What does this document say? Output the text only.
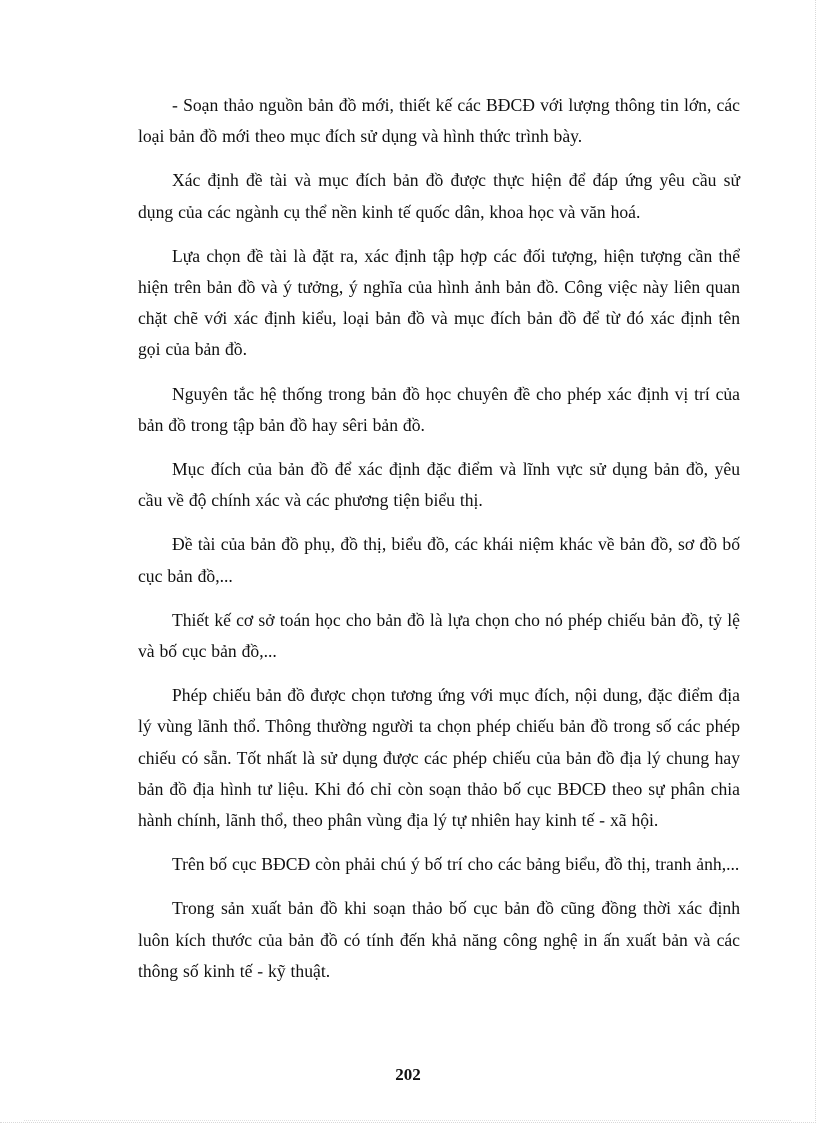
- Soạn thảo nguồn bản đồ mới, thiết kế các BĐCĐ với lượng thông tin lớn, các loại bản đồ mới theo mục đích sử dụng và hình thức trình bày.

Xác định đề tài và mục đích bản đồ được thực hiện để đáp ứng yêu cầu sử dụng của các ngành cụ thể nền kinh tế quốc dân, khoa học và văn hoá.

Lựa chọn đề tài là đặt ra, xác định tập hợp các đối tượng, hiện tượng cần thể hiện trên bản đồ và ý tưởng, ý nghĩa của hình ảnh bản đồ. Công việc này liên quan chặt chẽ với xác định kiểu, loại bản đồ và mục đích bản đồ để từ đó xác định tên gọi của bản đồ.

Nguyên tắc hệ thống trong bản đồ học chuyên đề cho phép xác định vị trí của bản đồ trong tập bản đồ hay sêri bản đồ.

Mục đích của bản đồ để xác định đặc điểm và lĩnh vực sử dụng bản đồ, yêu cầu về độ chính xác và các phương tiện biểu thị.

Đề tài của bản đồ phụ, đồ thị, biểu đồ, các khái niệm khác về bản đồ, sơ đồ bố cục bản đồ,...

Thiết kế cơ sở toán học cho bản đồ là lựa chọn cho nó phép chiếu bản đồ, tỷ lệ và bố cục bản đồ,...

Phép chiếu bản đồ được chọn tương ứng với mục đích, nội dung, đặc điểm địa lý vùng lãnh thổ. Thông thường người ta chọn phép chiếu bản đồ trong số các phép chiếu có sẵn. Tốt nhất là sử dụng được các phép chiếu của bản đồ địa lý chung hay bản đồ địa hình tư liệu. Khi đó chỉ còn soạn thảo bố cục BĐCĐ theo sự phân chia hành chính, lãnh thổ, theo phân vùng địa lý tự nhiên hay kinh tế - xã hội.

Trên bố cục BĐCĐ còn phải chú ý bố trí cho các bảng biểu, đồ thị, tranh ảnh,...

Trong sản xuất bản đồ khi soạn thảo bố cục bản đồ cũng đồng thời xác định luôn kích thước của bản đồ có tính đến khả năng công nghệ in ấn xuất bản và các thông số kinh tế - kỹ thuật.

202
